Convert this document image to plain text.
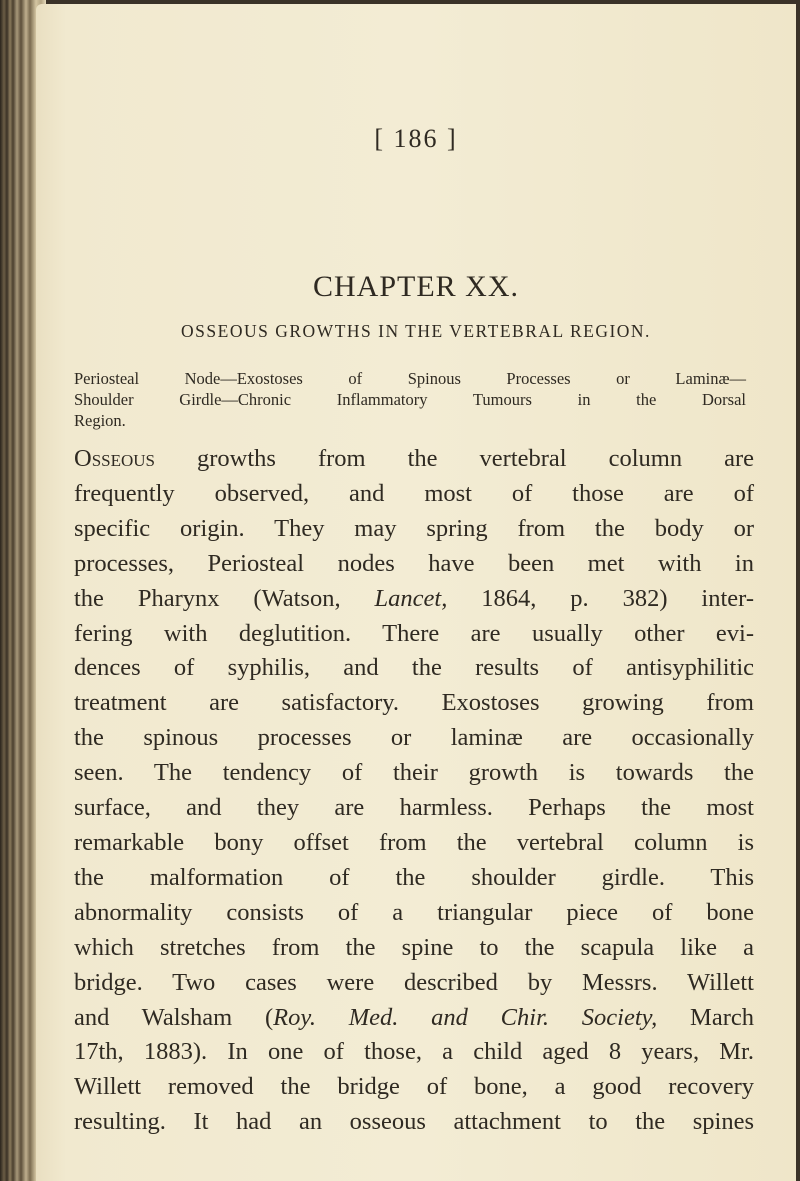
[ 186 ]
CHAPTER XX.
OSSEOUS GROWTHS IN THE VERTEBRAL REGION.
Periosteal Node—Exostoses of Spinous Processes or Laminæ—
Shoulder Girdle—Chronic Inflammatory Tumours in the Dorsal
Region.
Osseous growths from the vertebral column are
frequently observed, and most of those are of
specific origin. They may spring from the body or
processes, Periosteal nodes have been met with in
the Pharynx (Watson, Lancet, 1864, p. 382) inter-
fering with deglutition. There are usually other evi-
dences of syphilis, and the results of antisyphilitic
treatment are satisfactory. Exostoses growing from
the spinous processes or laminæ are occasionally
seen. The tendency of their growth is towards the
surface, and they are harmless. Perhaps the most
remarkable bony offset from the vertebral column is
the malformation of the shoulder girdle. This
abnormality consists of a triangular piece of bone
which stretches from the spine to the scapula like a
bridge. Two cases were described by Messrs. Willett
and Walsham (Roy. Med. and Chir. Society, March
17th, 1883). In one of those, a child aged 8 years, Mr.
Willett removed the bridge of bone, a good recovery
resulting. It had an osseous attachment to the spines
